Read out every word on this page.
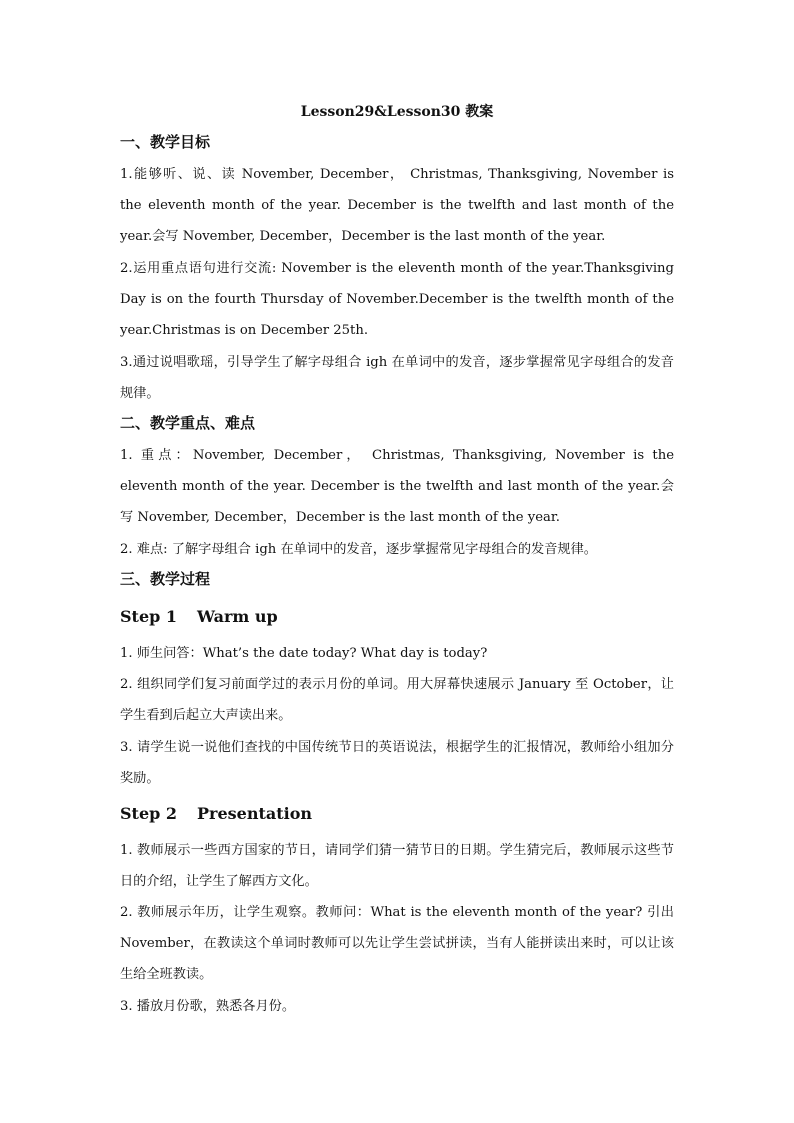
Lesson29&Lesson30 教案
一、教学目标
1.能够听、说、读 November, December， Christmas, Thanksgiving, November is the eleventh month of the year. December is the twelfth and last month of the year.会写 November, December，December is the last month of the year.
2.运用重点语句进行交流: November is the eleventh month of the year.Thanksgiving Day is on the fourth Thursday of November.December is the twelfth month of the year.Christmas is on December 25th.
3.通过说唱歌瑶，引导学生了解字母组合 igh 在单词中的发音，逐步掌握常见字母组合的发音规律。
二、教学重点、难点
1. 重点：November, December， Christmas, Thanksgiving, November is the eleventh month of the year. December is the twelfth and last month of the year.会写 November, December，December is the last month of the year.
2. 难点: 了解字母组合 igh 在单词中的发音，逐步掌握常见字母组合的发音规律。
三、教学过程
Step 1 Warm up
1. 师生问答：What’s the date today? What day is today?
2. 组织同学们复习前面学过的表示月份的单词。用大屏幕快速展示 January 至 October，让学生看到后起立大声读出来。
3. 请学生说一说他们查找的中国传统节日的英语说法，根据学生的汇报情况，教师给小组加分奖励。
Step 2 Presentation
1. 教师展示一些西方国家的节日，请同学们猜一猜节日的日期。学生猜完后，教师展示这些节日的介绍，让学生了解西方文化。
2. 教师展示年历，让学生观察。教师问：What is the eleventh month of the year? 引出 November，在教读这个单词时教师可以先让学生尝试拼读，当有人能拼读出来时，可以让该生给全班教读。
3. 播放月份歌，熟悉各月份。
